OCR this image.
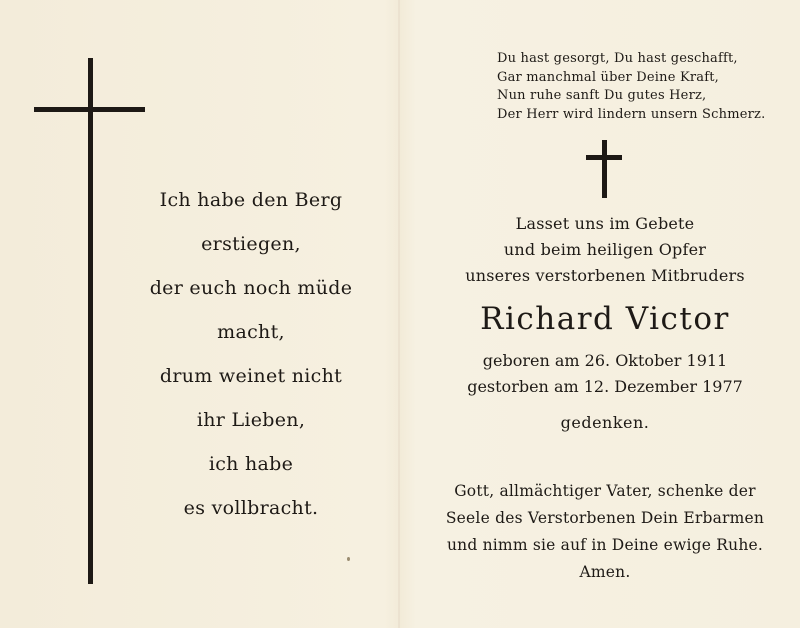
Ich habe den Berg
erstiegen,
der euch noch müde
macht,
drum weinet nicht
ihr Lieben,
ich habe
es vollbracht.
Du hast gesorgt, Du hast geschafft,
Gar manchmal über Deine Kraft,
Nun ruhe sanft Du gutes Herz,
Der Herr wird lindern unsern Schmerz.
Lasset uns im Gebete
und beim heiligen Opfer
unseres verstorbenen Mitbruders
Richard Victor
geboren am 26. Oktober 1911
gestorben am 12. Dezember 1977
gedenken.
Gott, allmächtiger Vater, schenke der
Seele des Verstorbenen Dein Erbarmen
und nimm sie auf in Deine ewige Ruhe.
Amen.
